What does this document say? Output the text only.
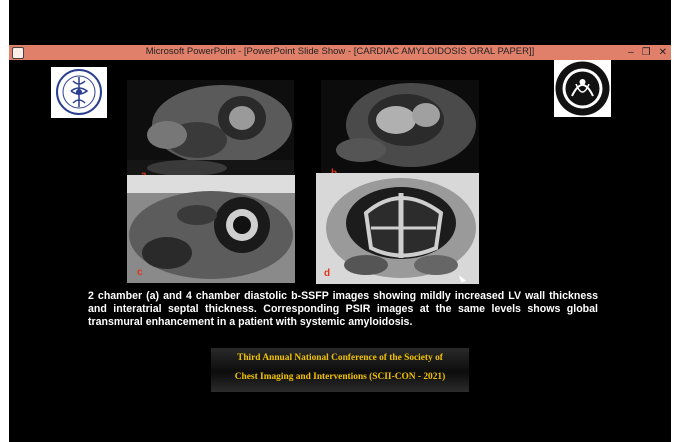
Microsoft PowerPoint - [PowerPoint Slide Show - [CARDIAC AMYLOIDOSIS ORAL PAPER]]	– ❐ ✕
c	d
2 chamber (a) and 4 chamber diastolic b-SSFP images showing mildly increased LV wall thickness and interatrial septal thickness. Corresponding PSIR images at the same levels shows global transmural enhancement in a patient with systemic amyloidosis.
Third Annual National Conference of the Society of
Chest Imaging and Interventions (SCII-CON - 2021)
